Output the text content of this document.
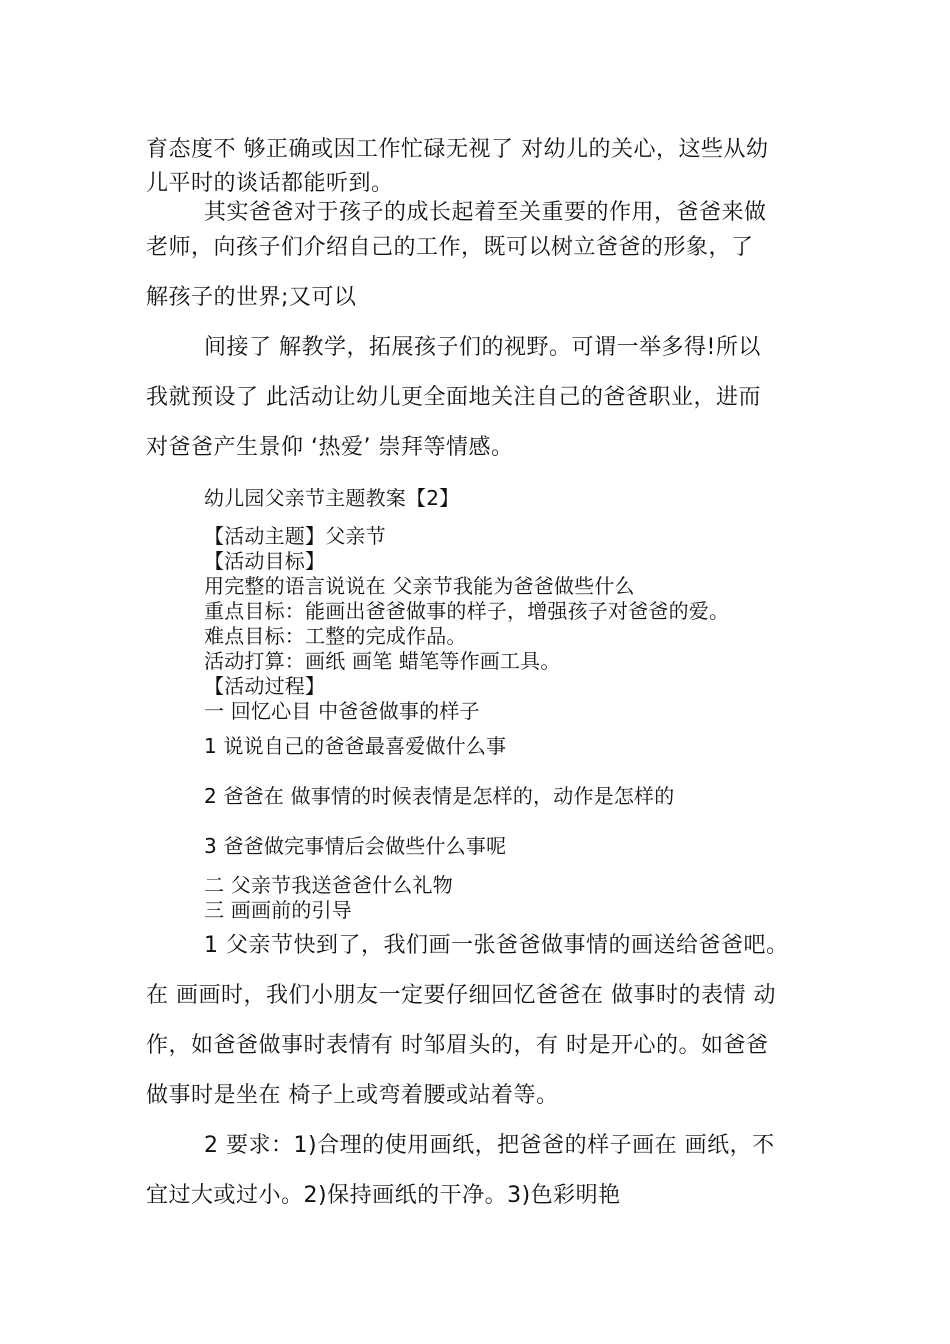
育态度不 够正确或因工作忙碌无视了 对幼儿的关心，这些从幼
儿平时的谈话都能听到。
其实爸爸对于孩子的成长起着至关重要的作用，爸爸来做
老师，向孩子们介绍自己的工作，既可以树立爸爸的形象，了
解孩子的世界;又可以
间接了 解教学，拓展孩子们的视野。可谓一举多得!所以
我就预设了 此活动让幼儿更全面地关注自己的爸爸职业，进而
对爸爸产生景仰 ‘热爱’ 崇拜等情感。
幼儿园父亲节主题教案【2】
【活动主题】父亲节
【活动目标】
用完整的语言说说在 父亲节我能为爸爸做些什么
重点目标：能画出爸爸做事的样子，增强孩子对爸爸的爱。
难点目标：工整的完成作品。
活动打算：画纸 画笔 蜡笔等作画工具。
【活动过程】
一 回忆心目 中爸爸做事的样子
1 说说自己的爸爸最喜爱做什么事
2 爸爸在 做事情的时候表情是怎样的，动作是怎样的
3 爸爸做完事情后会做些什么事呢
二 父亲节我送爸爸什么礼物
三 画画前的引导
1 父亲节快到了，我们画一张爸爸做事情的画送给爸爸吧。
在 画画时，我们小朋友一定要仔细回忆爸爸在 做事时的表情 动
作，如爸爸做事时表情有 时邹眉头的，有 时是开心的。如爸爸
做事时是坐在 椅子上或弯着腰或站着等。
2 要求：1)合理的使用画纸，把爸爸的样子画在 画纸，不
宜过大或过小。2)保持画纸的干净。3)色彩明艳
